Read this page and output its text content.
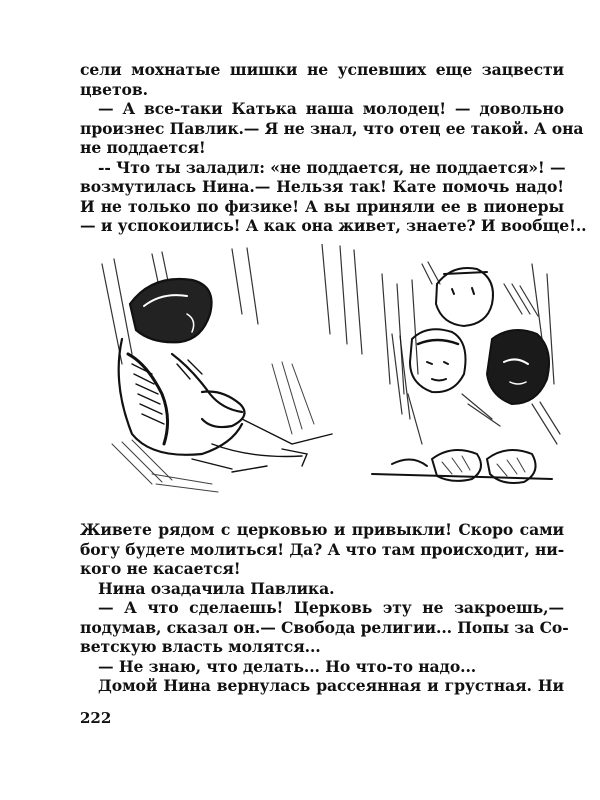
сели мохнатые шишки не успевших еще зацвести
цветов.
— А все-таки Катька наша молодец! — довольно
произнес Павлик.— Я не знал, что отец ее такой. А она
не поддается!
-- Что ты заладил: «не поддается, не поддается»! —
возмутилась Нина.— Нельзя так! Кате помочь надо!
И не только по физике! А вы приняли ее в пионеры
— и успокоились! А как она живет, знаете? И вообще!..
Живете рядом с церковью и привыкли! Скоро сами
богу будете молиться! Да? А что там происходит, ни-
кого не касается!
Нина озадачила Павлика.
— А что сделаешь! Церковь эту не закроешь,—
подумав, сказал он.— Свобода религии... Попы за Со-
ветскую власть молятся...
— Не знаю, что делать... Но что-то надо...
Домой Нина вернулась рассеянная и грустная. Ни
222
